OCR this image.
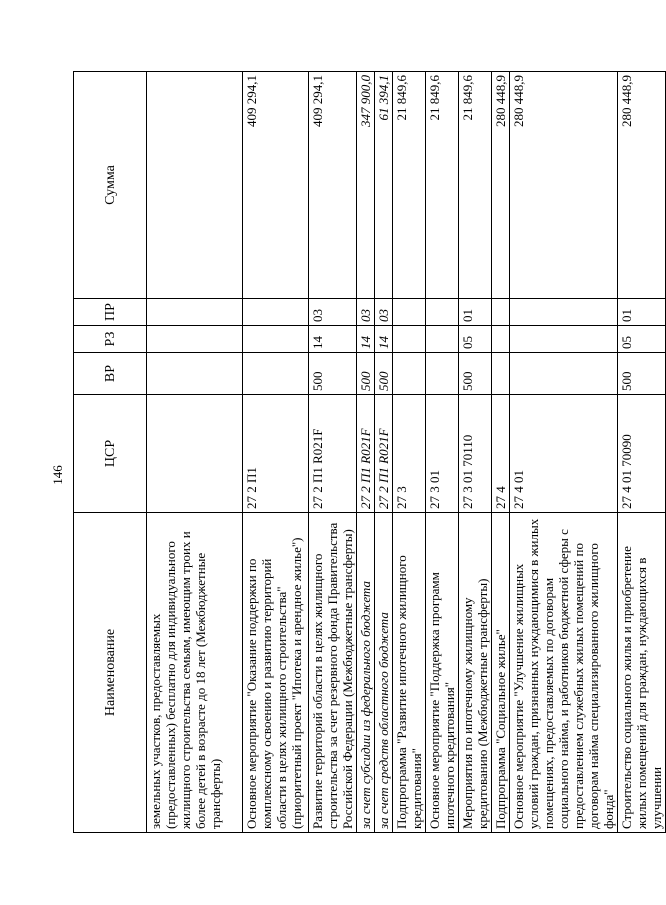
146
Наименование	ЦСР	ВР	РЗ	ПР	Сумма
земельных участков, предоставляемых (предоставленных) бесплатно для индивидуального жилищного строительства семьям, имеющим троих и более детей в возрасте до 18 лет (Межбюджетные трансферты)					
Основное мероприятие "Оказание поддержки по комплексному освоению и развитию территорий области в целях жилищного строительства" (приоритетный проект "Ипотека и арендное жилье")	27 2 П1				409 294,1
Развитие территорий области в целях жилищного строительства за счет резервного фонда Правительства Российской Федерации (Межбюджетные трансферты)	27 2 П1 R021F	500	14	03	409 294,1
за счет субсидии из федерального бюджета	27 2 П1 R021F	500	14	03	347 900,0
за счет средств областного бюджета	27 2 П1 R021F	500	14	03	61 394,1
Подпрограмма "Развитие ипотечного жилищного кредитования"	27 3				21 849,6
Основное мероприятие "Поддержка программ ипотечного кредитования"	27 3 01				21 849,6
Мероприятия по ипотечному жилищному кредитованию (Межбюджетные трансферты)	27 3 01 70110	500	05	01	21 849,6
Подпрограмма "Социальное жилье"	27 4				280 448,9
Основное мероприятие "Улучшение жилищных условий граждан, признанных нуждающимися в жилых помещениях, предоставляемых по договорам социального найма, и работников бюджетной сферы с предоставлением служебных жилых помещений по договорам найма специализированного жилищного фонда"	27 4 01				280 448,9
Строительство социального жилья и приобретение жилых помещений для граждан, нуждающихся в улучшении	27 4 01 70090	500	05	01	280 448,9
